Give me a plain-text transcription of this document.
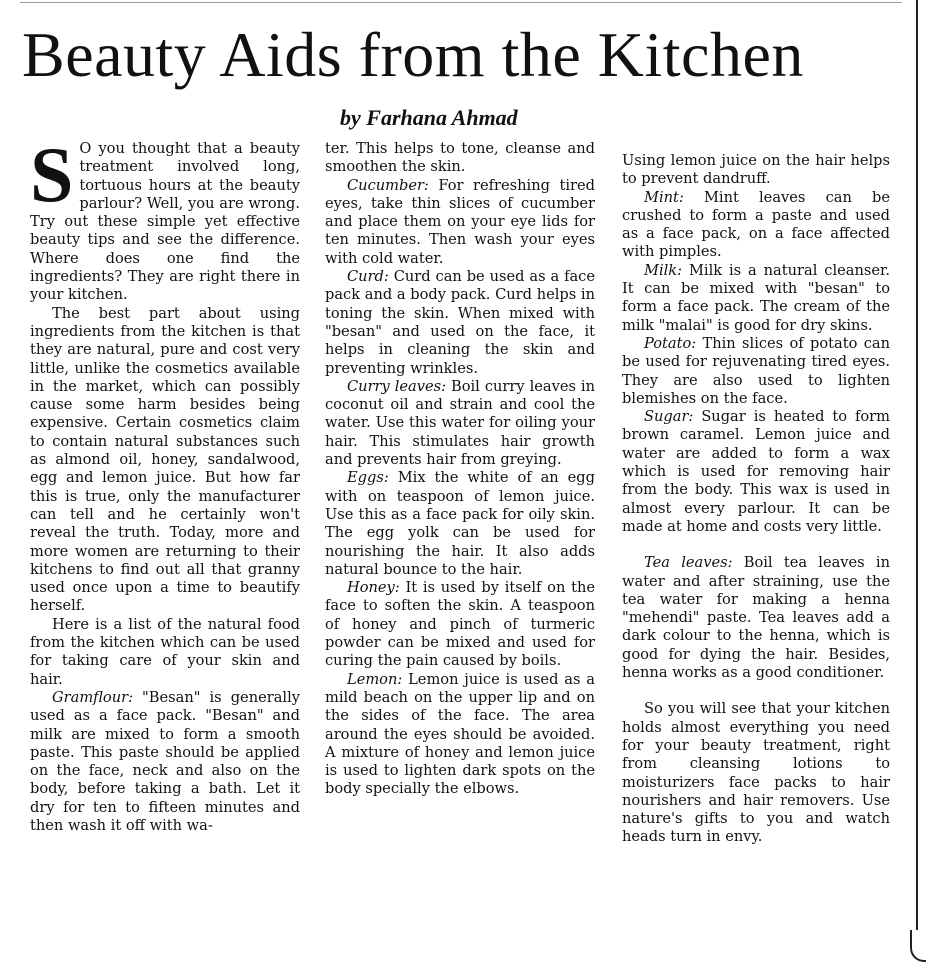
Beauty Aids from the Kitchen
by Farhana Ahmad

S O you thought that a beauty treatment involved long, tortuous hours at the beauty parlour? Well, you are wrong. Try out these simple yet effective beauty tips and see the difference. Where does one find the ingredients? They are right there in your kitchen.

The best part about using ingredients from the kitchen is that they are natural, pure and cost very little, unlike the cosmetics available in the market, which can possibly cause some harm besides being expensive. Certain cosmetics claim to contain natural substances such as almond oil, honey, sandalwood, egg and lemon juice. But how far this is true, only the manufacturer can tell and he certainly won't reveal the truth. Today, more and more women are returning to their kitchens to find out all that granny used once upon a time to beautify herself.

Here is a list of the natural food from the kitchen which can be used for taking care of your skin and hair.

Gramflour: "Besan" is generally used as a face pack. "Besan" and milk are mixed to form a smooth paste. This paste should be applied on the face, neck and also on the body, before taking a bath. Let it dry for ten to fifteen minutes and then wash it off with wa-

ter. This helps to tone, cleanse and smoothen the skin.

Cucumber: For refreshing tired eyes, take thin slices of cucumber and place them on your eye lids for ten minutes. Then wash your eyes with cold water.

Curd: Curd can be used as a face pack and a body pack. Curd helps in toning the skin. When mixed with "besan" and used on the face, it helps in cleaning the skin and preventing wrinkles.

Curry leaves: Boil curry leaves in coconut oil and strain and cool the water. Use this water for oiling your hair. This stimulates hair growth and prevents hair from greying.

Eggs: Mix the white of an egg with on teaspoon of lemon juice. Use this as a face pack for oily skin. The egg yolk can be used for nourishing the hair. It also adds natural bounce to the hair.

Honey: It is used by itself on the face to soften the skin. A teaspoon of honey and pinch of turmeric powder can be mixed and used for curing the pain caused by boils.

Lemon: Lemon juice is used as a mild beach on the upper lip and on the sides of the face. The area around the eyes should be avoided. A mixture of honey and lemon juice is used to lighten dark spots on the body specially the elbows.

Using lemon juice on the hair helps to prevent dandruff.

Mint: Mint leaves can be crushed to form a paste and used as a face pack, on a face affected with pimples.

Milk: Milk is a natural cleanser. It can be mixed with "besan" to form a face pack. The cream of the milk "malai" is good for dry skins.

Potato: Thin slices of potato can be used for rejuvenating tired eyes. They are also used to lighten blemishes on the face.

Sugar: Sugar is heated to form brown caramel. Lemon juice and water are added to form a wax which is used for removing hair from the body. This wax is used in almost every parlour. It can be made at home and costs very little.

Tea leaves: Boil tea leaves in water and after straining, use the tea water for making a henna "mehendi" paste. Tea leaves add a dark colour to the henna, which is good for dying the hair. Besides, henna works as a good conditioner.

So you will see that your kitchen holds almost everything you need for your beauty treatment, right from cleansing lotions to moisturizers face packs to hair nourishers and hair removers. Use nature's gifts to you and watch heads turn in envy.
